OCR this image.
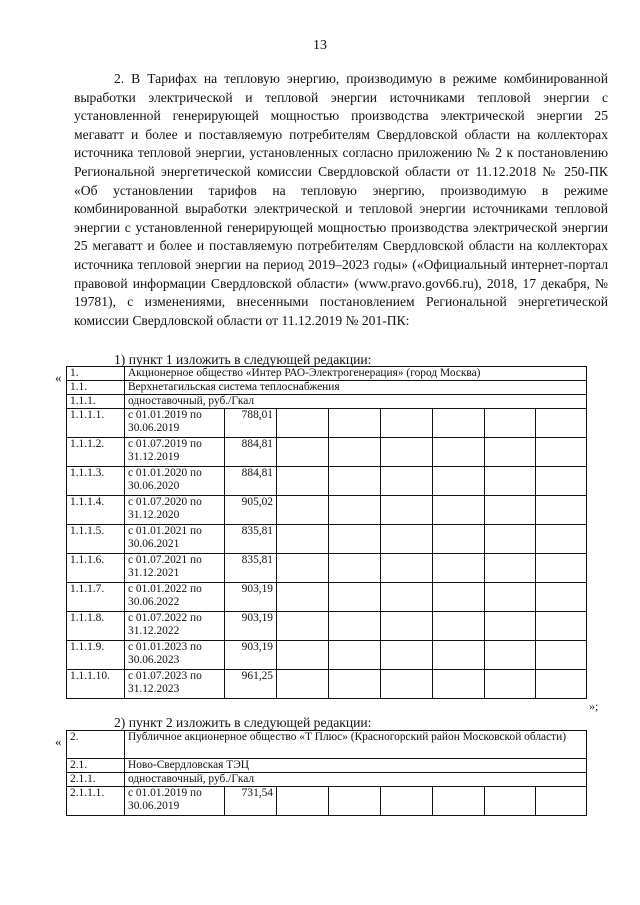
13

2. В Тарифах на тепловую энергию, производимую в режиме комбинированной выработки электрической и тепловой энергии источниками тепловой энергии с установленной генерирующей мощностью производства электрической энергии 25 мегаватт и более и поставляемую потребителям Свердловской области на коллекторах источника тепловой энергии, установленных согласно приложению № 2 к постановлению Региональной энергетической комиссии Свердловской области от 11.12.2018 № 250-ПК «Об установлении тарифов на тепловую энергию, производимую в режиме комбинированной выработки электрической и тепловой энергии источниками тепловой энергии с установленной генерирующей мощностью производства электрической энергии 25 мегаватт и более и поставляемую потребителям Свердловской области на коллекторах источника тепловой энергии на период 2019–2023 годы» («Официальный интернет-портал правовой информации Свердловской области» (www.pravo.gov66.ru), 2018, 17 декабря, № 19781), с изменениями, внесенными постановлением Региональной энергетической комиссии Свердловской области от 11.12.2019 № 201-ПК:

1) пункт 1 изложить в следующей редакции:
« 1.	Акционерное общество «Интер РАО-Электрогенерация» (город Москва)							
1.1.	Верхнетагильская система теплоснабжения							
1.1.1.	одноставочный, руб./Гкал							
1.1.1.1.	с 01.01.2019 по 30.06.2019	788,01						
1.1.1.2.	с 01.07.2019 по 31.12.2019	884,81						
1.1.1.3.	с 01.01.2020 по 30.06.2020	884,81						
1.1.1.4.	с 01.07.2020 по 31.12.2020	905,02						
1.1.1.5.	с 01.01.2021 по 30.06.2021	835,81						
1.1.1.6.	с 01.07.2021 по 31.12.2021	835,81						
1.1.1.7.	с 01.01.2022 по 30.06.2022	903,19						
1.1.1.8.	с 01.07.2022 по 31.12.2022	903,19						
1.1.1.9.	с 01.01.2023 по 30.06.2023	903,19						
1.1.1.10.	с 01.07.2023 по 31.12.2023	961,25						
»;
2) пункт 2 изложить в следующей редакции:
« 2.	Публичное акционерное общество «Т Плюс» (Красногорский район Московской области)							
2.1.	Ново-Свердловская ТЭЦ							
2.1.1.	одноставочный, руб./Гкал							
2.1.1.1.	с 01.01.2019 по 30.06.2019	731,54						
